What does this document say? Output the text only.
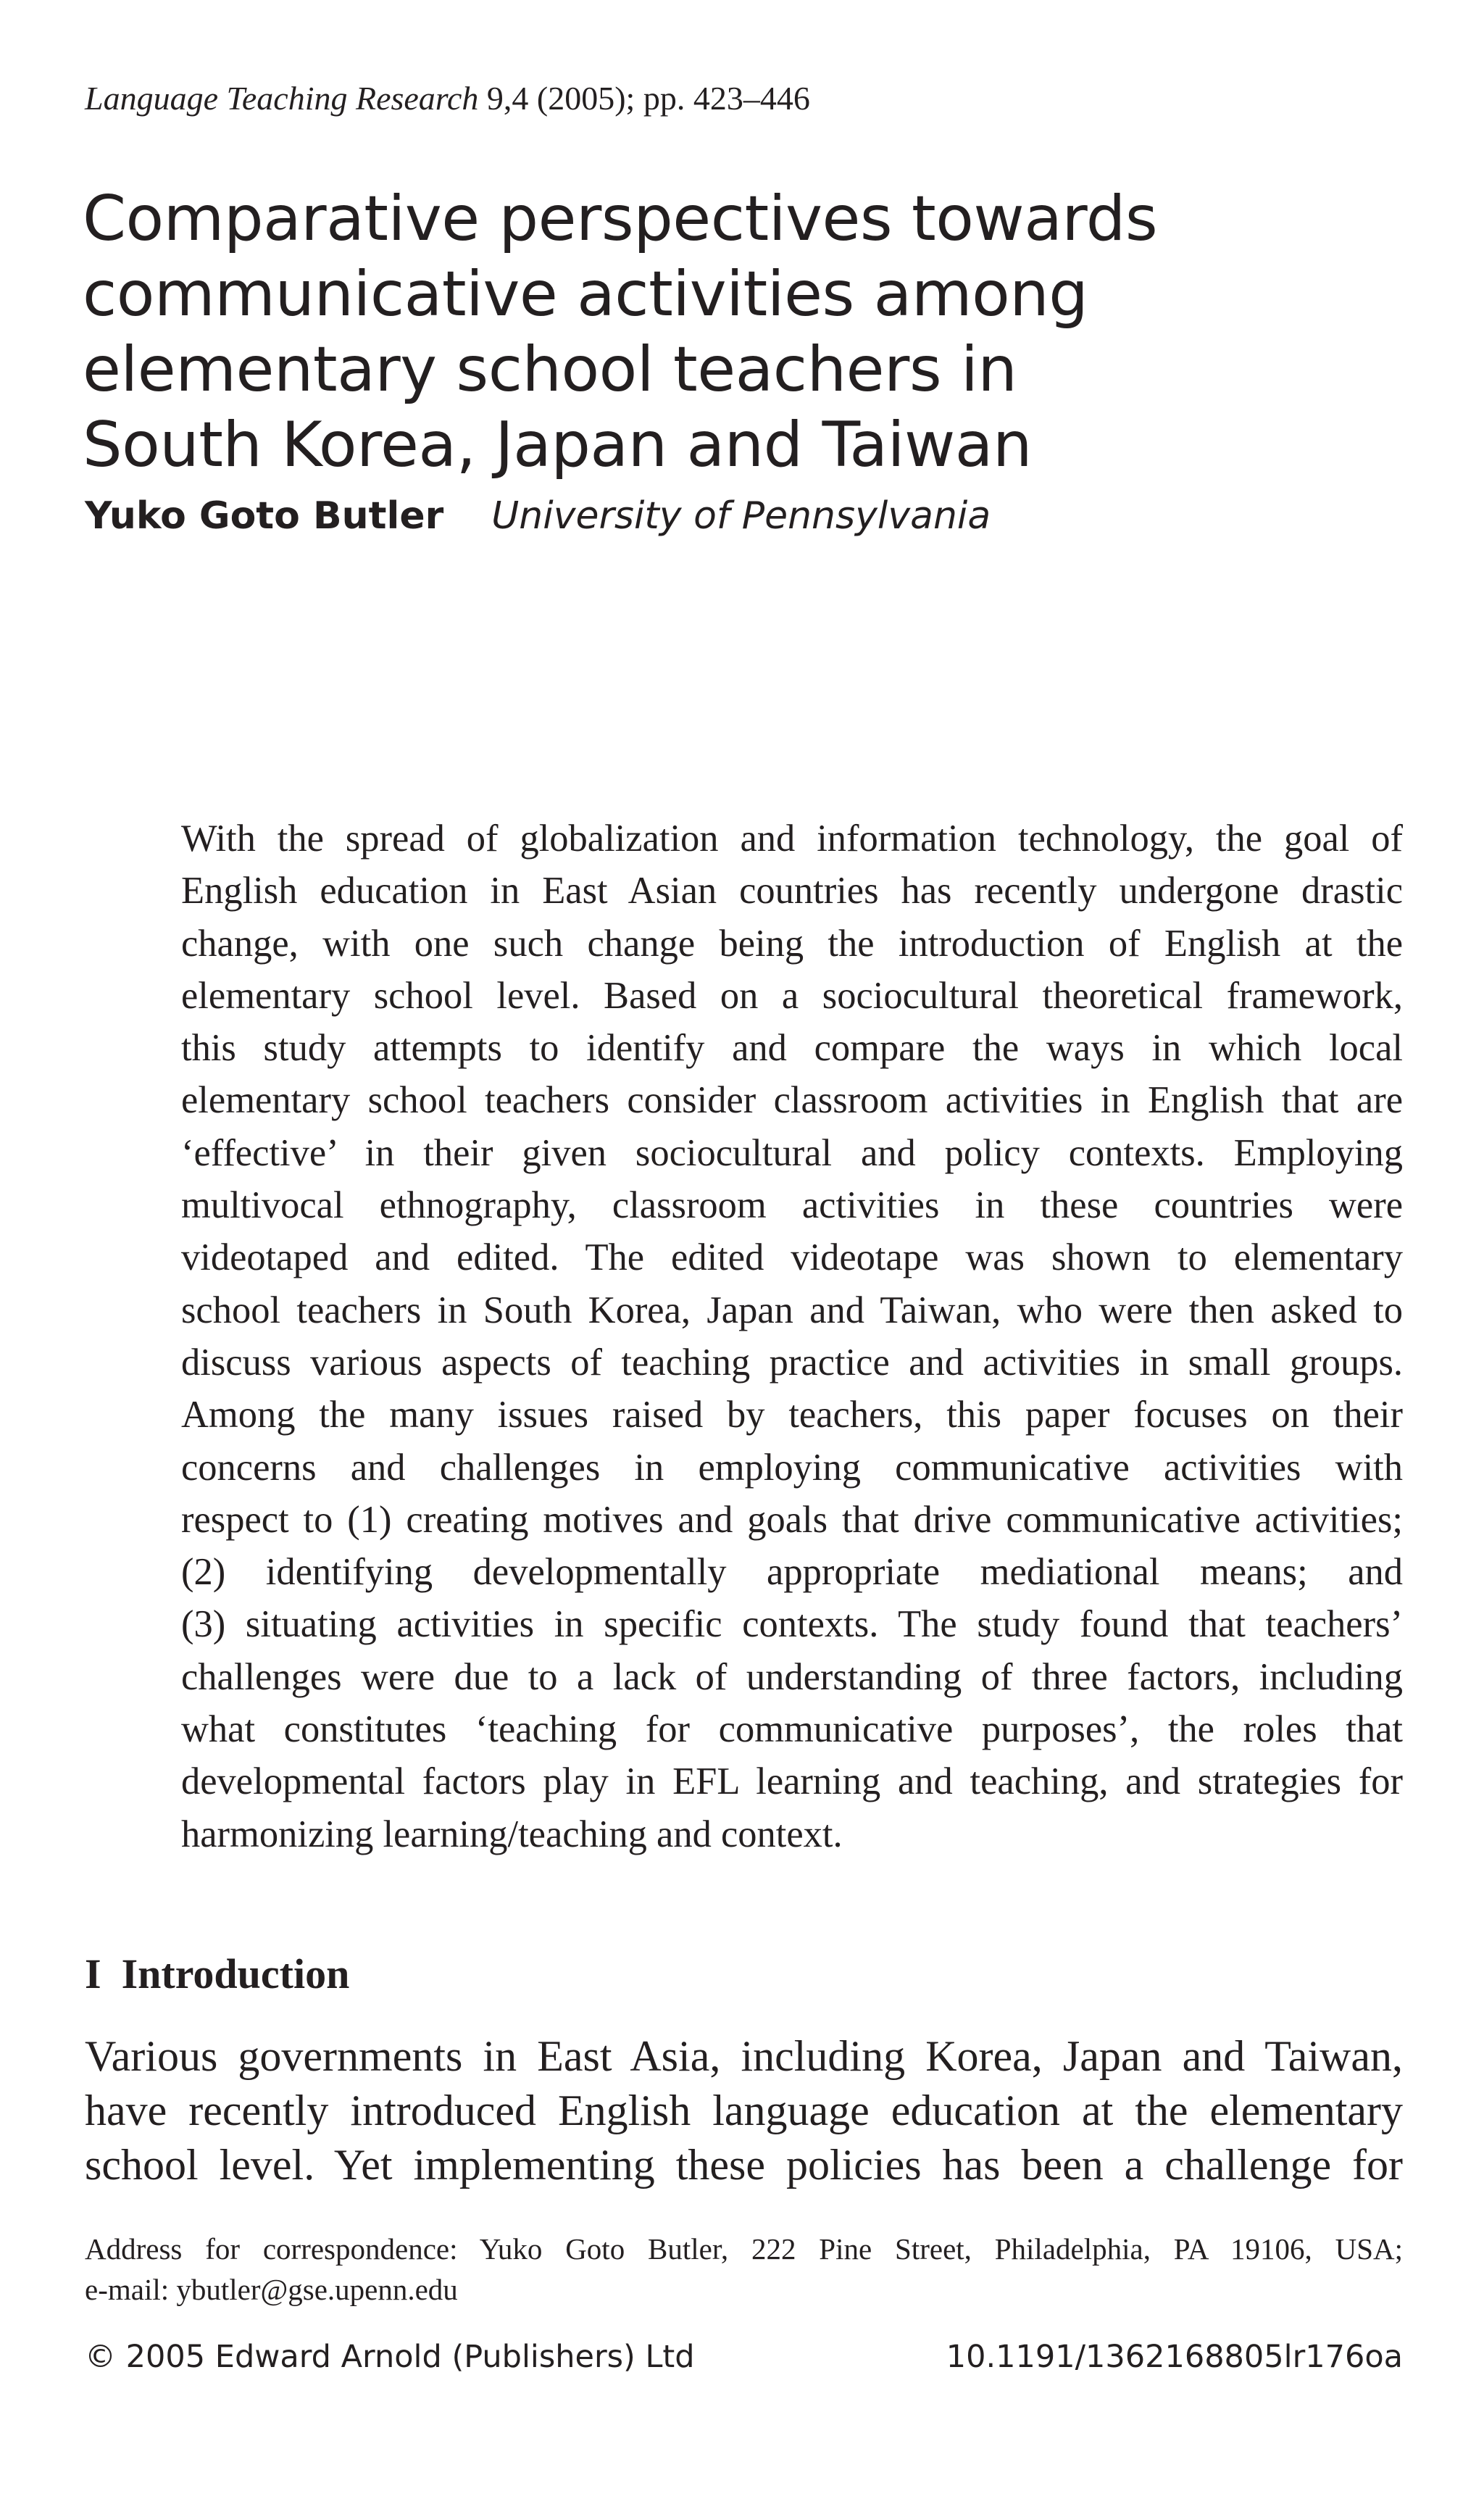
Language Teaching Research 9,4 (2005); pp. 423–446
Comparative perspectives towards
communicative activities among
elementary school teachers in
South Korea, Japan and Taiwan
Yuko Goto Butler University of Pennsylvania
With the spread of globalization and information technology, the goal of
English education in East Asian countries has recently undergone drastic
change, with one such change being the introduction of English at the
elementary school level. Based on a sociocultural theoretical framework,
this study attempts to identify and compare the ways in which local
elementary school teachers consider classroom activities in English that are
‘effective’ in their given sociocultural and policy contexts. Employing
multivocal ethnography, classroom activities in these countries were
videotaped and edited. The edited videotape was shown to elementary
school teachers in South Korea, Japan and Taiwan, who were then asked to
discuss various aspects of teaching practice and activities in small groups.
Among the many issues raised by teachers, this paper focuses on their
concerns and challenges in employing communicative activities with
respect to (1) creating motives and goals that drive communicative activities;
(2) identifying developmentally appropriate mediational means; and
(3) situating activities in specific contexts. The study found that teachers’
challenges were due to a lack of understanding of three factors, including
what constitutes ‘teaching for communicative purposes’, the roles that
developmental factors play in EFL learning and teaching, and strategies for
harmonizing learning/teaching and context.
I Introduction
Various governments in East Asia, including Korea, Japan and Taiwan,
have recently introduced English language education at the elementary
school level. Yet implementing these policies has been a challenge for
Address for correspondence: Yuko Goto Butler, 222 Pine Street, Philadelphia, PA 19106, USA;
e-mail: ybutler@gse.upenn.edu
© 2005 Edward Arnold (Publishers) Ltd	10.1191/1362168805lr176oa
